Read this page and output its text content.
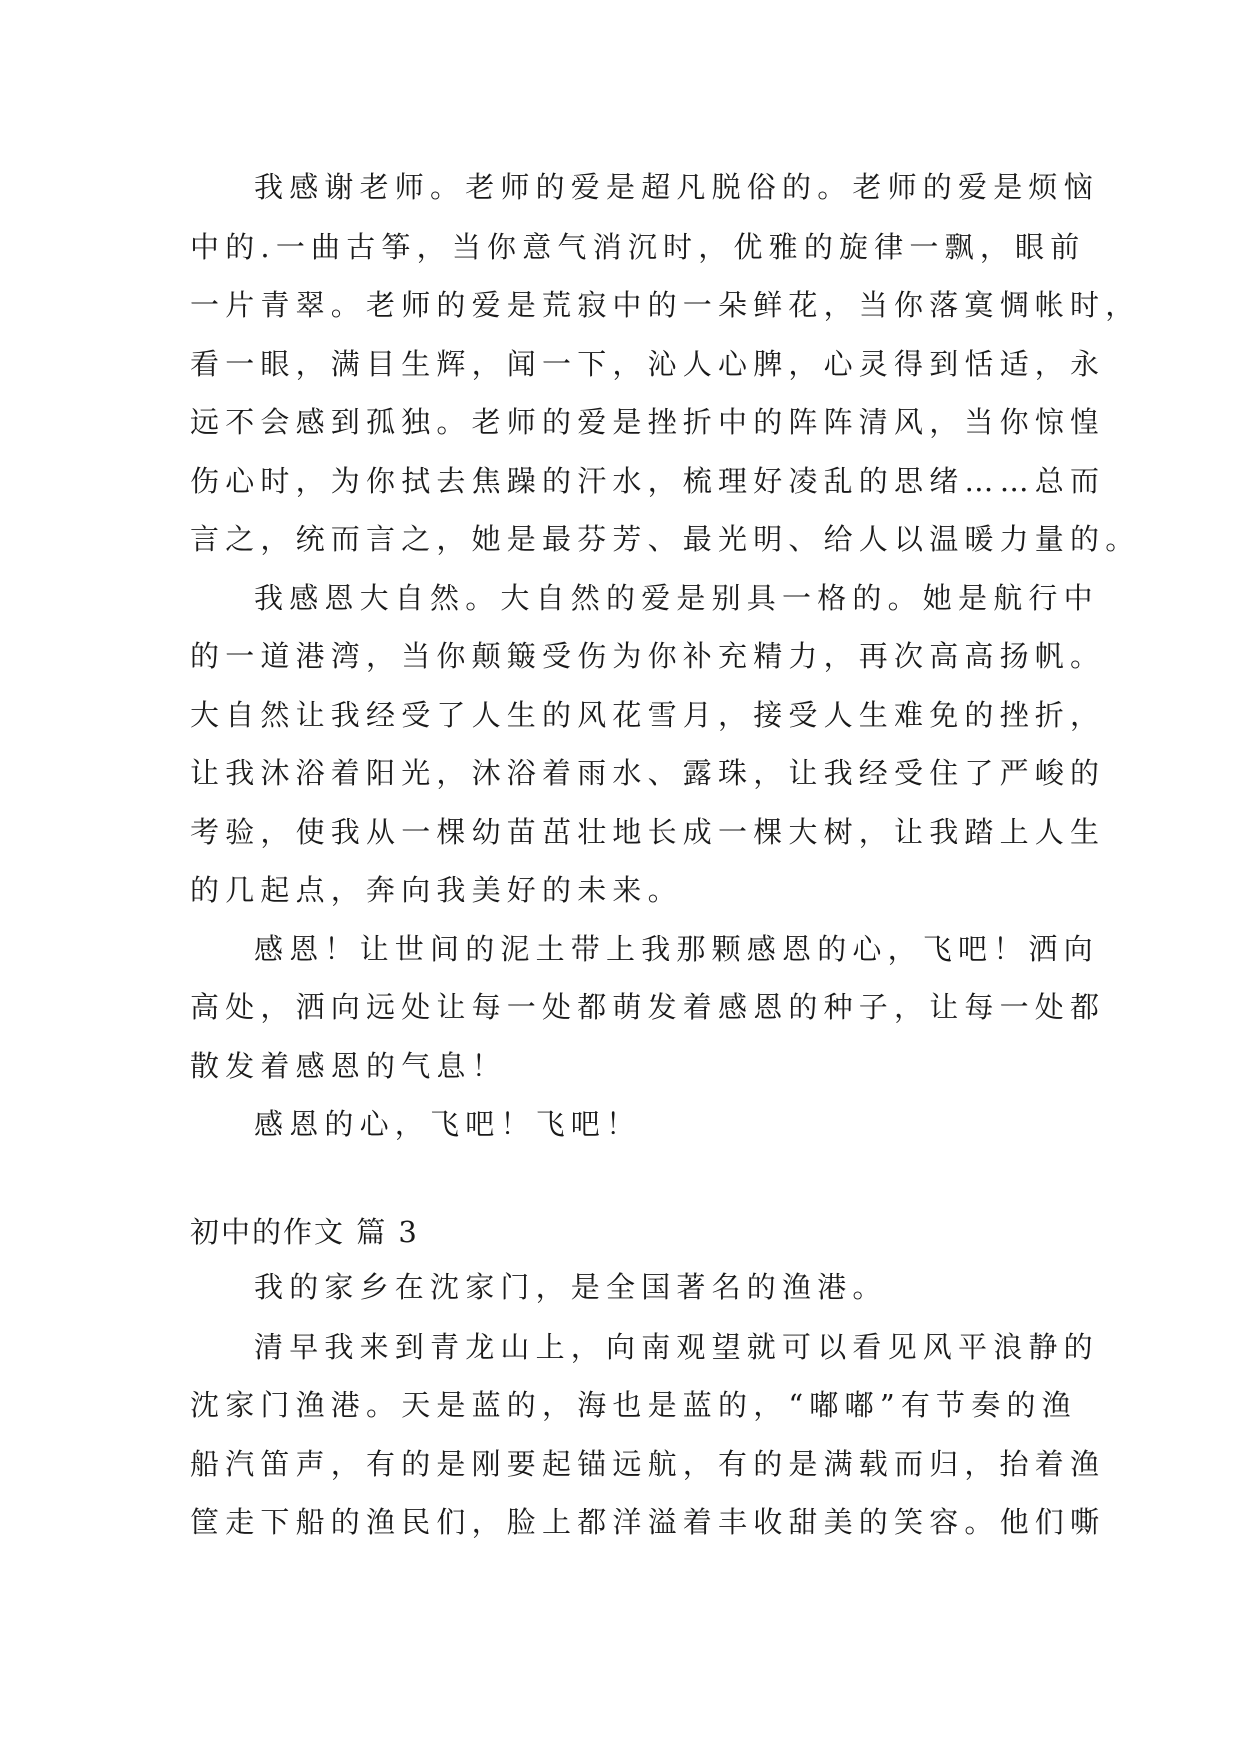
我感谢老师。老师的爱是超凡脱俗的。老师的爱是烦恼
中的.一曲古筝，当你意气消沉时，优雅的旋律一飘，眼前
一片青翠。老师的爱是荒寂中的一朵鲜花，当你落寞惆帐时，
看一眼，满目生辉，闻一下，沁人心脾，心灵得到恬适，永
远不会感到孤独。老师的爱是挫折中的阵阵清风，当你惊惶
伤心时，为你拭去焦躁的汗水，梳理好凌乱的思绪……总而
言之，统而言之，她是最芬芳、最光明、给人以温暖力量的。
我感恩大自然。大自然的爱是别具一格的。她是航行中
的一道港湾，当你颠簸受伤为你补充精力，再次高高扬帆。
大自然让我经受了人生的风花雪月，接受人生难免的挫折，
让我沐浴着阳光，沐浴着雨水、露珠，让我经受住了严峻的
考验，使我从一棵幼苗茁壮地长成一棵大树，让我踏上人生
的几起点，奔向我美好的未来。
感恩！让世间的泥土带上我那颗感恩的心，飞吧！洒向
高处，洒向远处让每一处都萌发着感恩的种子，让每一处都
散发着感恩的气息！
感恩的心，飞吧！飞吧！
初中的作文 篇 3
我的家乡在沈家门，是全国著名的渔港。
清早我来到青龙山上，向南观望就可以看见风平浪静的
沈家门渔港。天是蓝的，海也是蓝的，“嘟嘟”有节奏的渔
船汽笛声，有的是刚要起锚远航，有的是满载而归，抬着渔
筐走下船的渔民们，脸上都洋溢着丰收甜美的笑容。他们嘶
